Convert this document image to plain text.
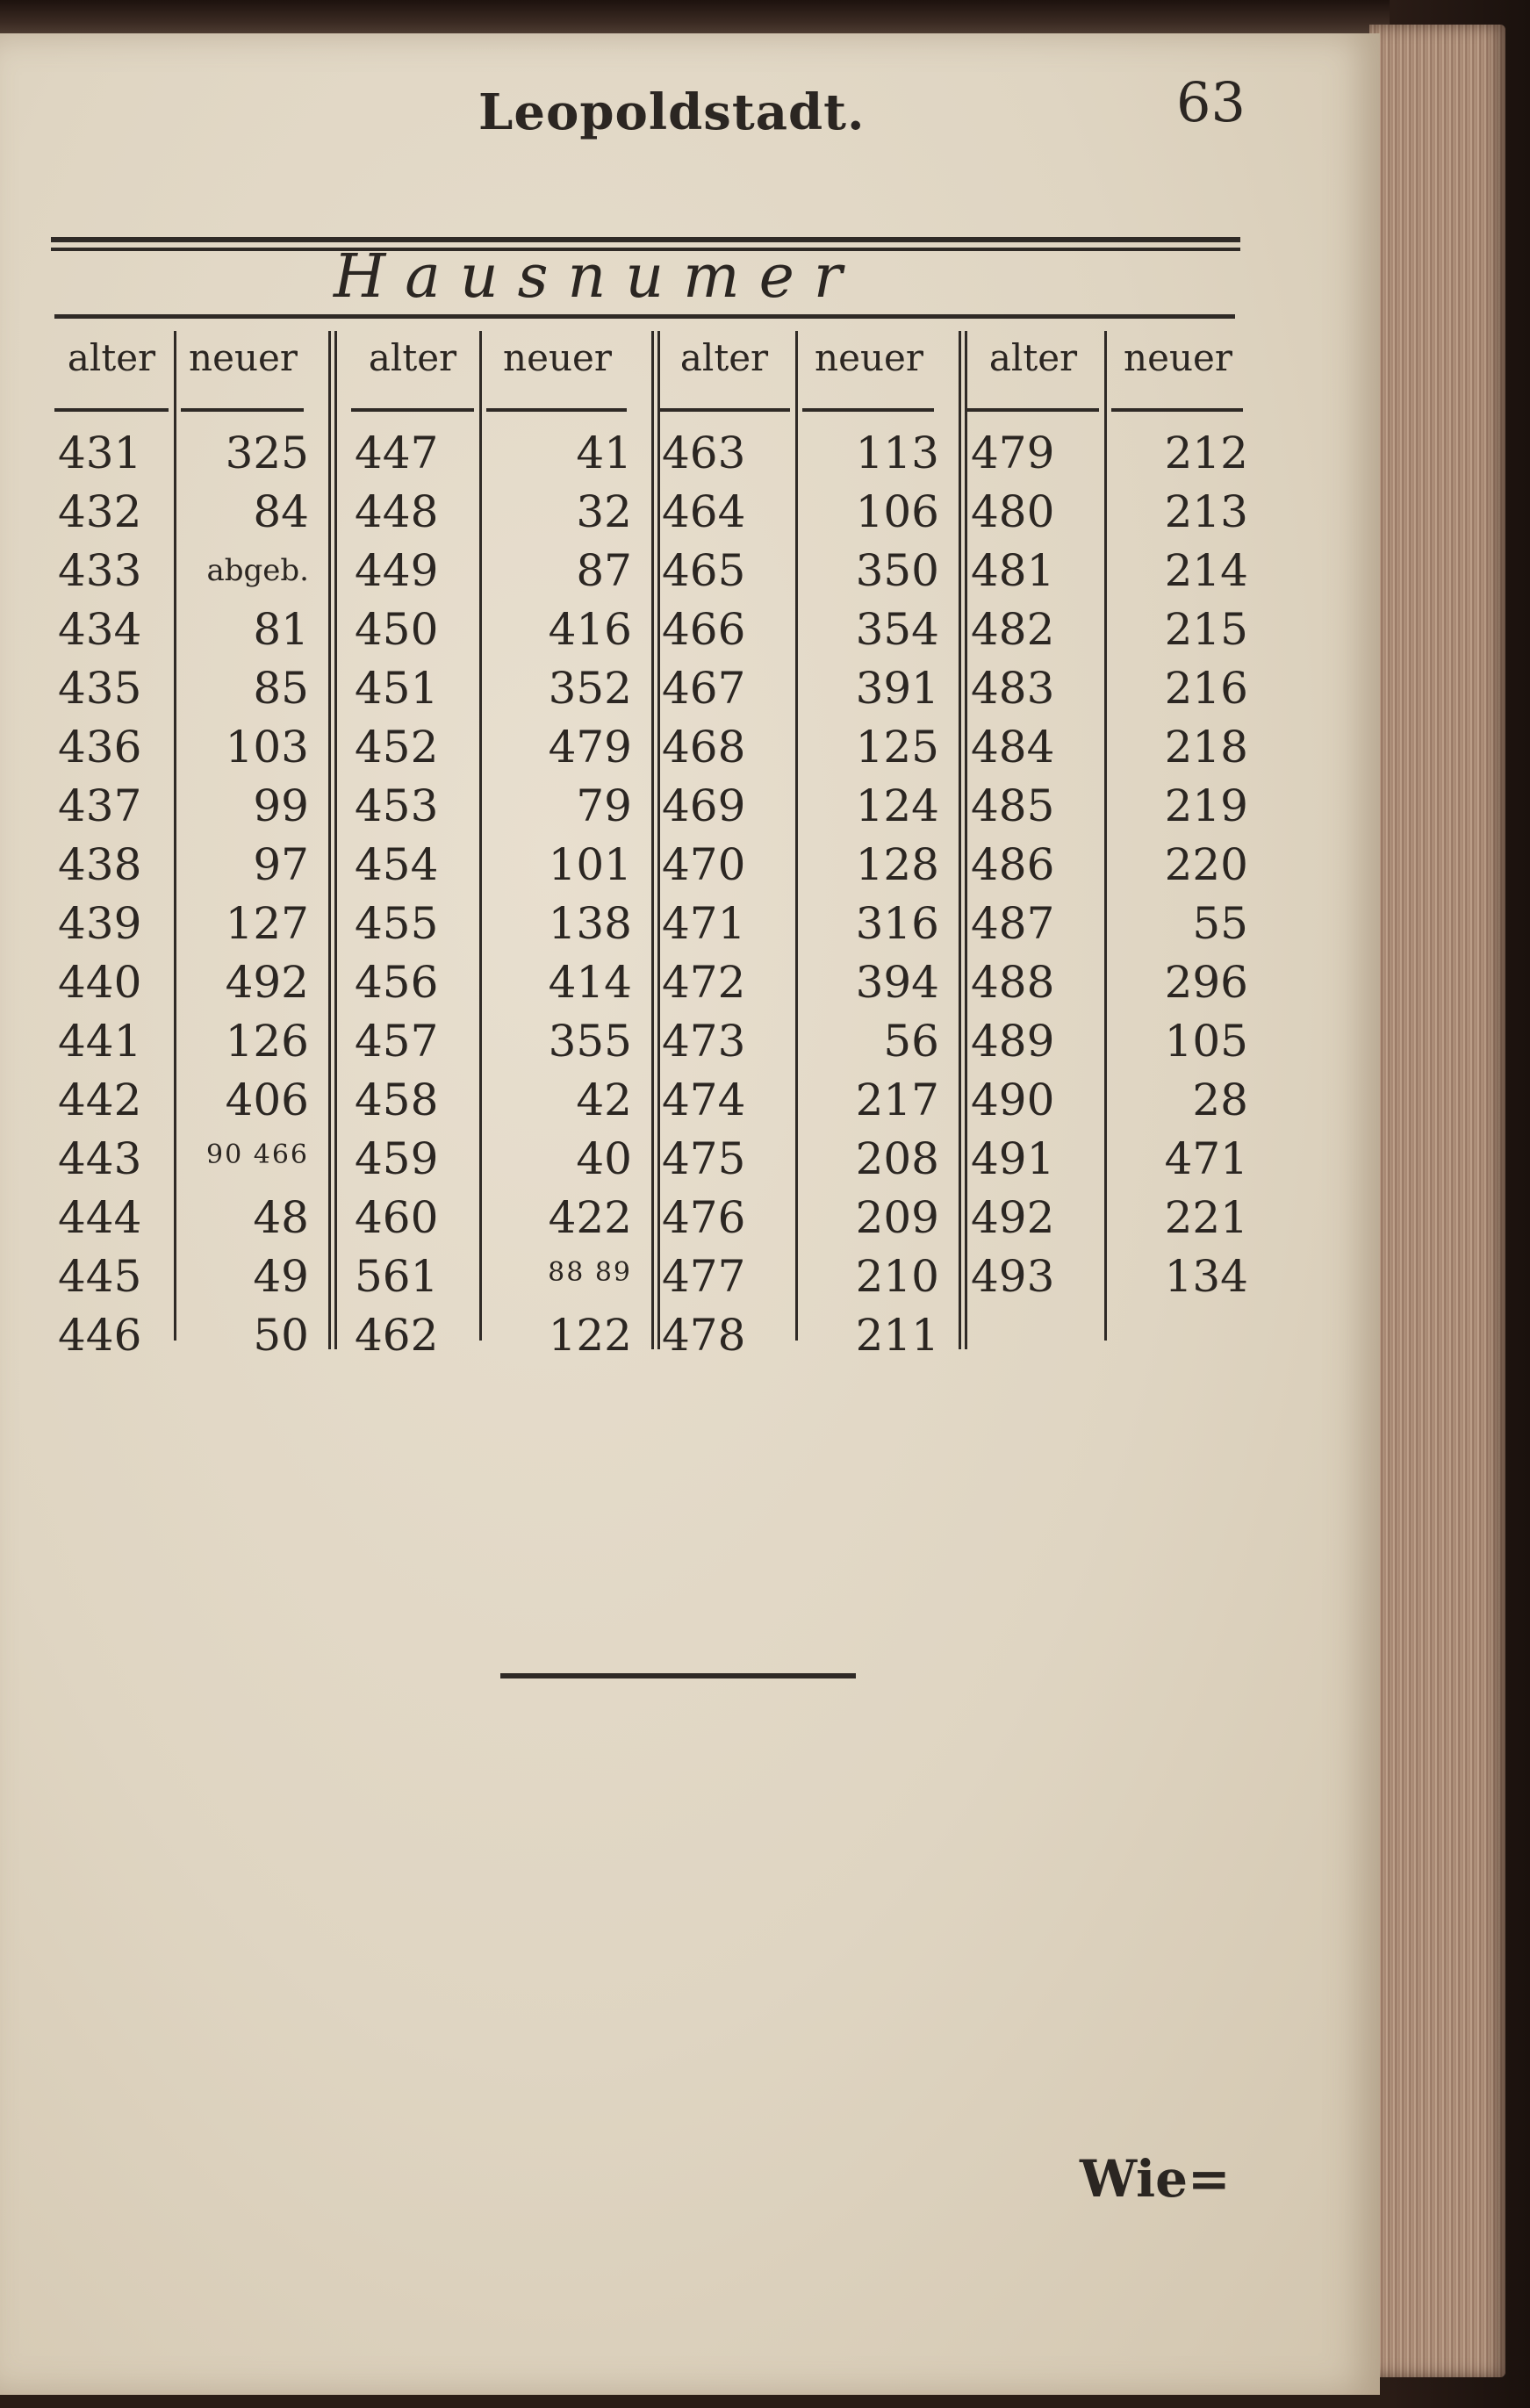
Leopoldstadt.	63
Hausnumer
alter neuer
431	325
432	84
433	abgeb.
434	81
435	85
436	103
437	99
438	97
439	127
440	492
441	126
442	406
443	90 466
444	48
445	49
446	50
alter	neuer
447	41
448	32
449	87
450	416
451	352
452	479
453	79
454	101
455	138
456	414
457	355
458	42
459	40
460	422
561	88 89
462	122
alter	neuer
463	113
464	106
465	350
466	354
467	391
468	125
469	124
470	128
471	316
472	394
473	56
474	217
475	208
476	209
477	210
478	211
alter	neuer
479	212
480	213
481	214
482	215
483	216
484	218
485	219
486	220
487	55
488	296
489	105
490	28
491	471
492	221
493	134
Wie=
